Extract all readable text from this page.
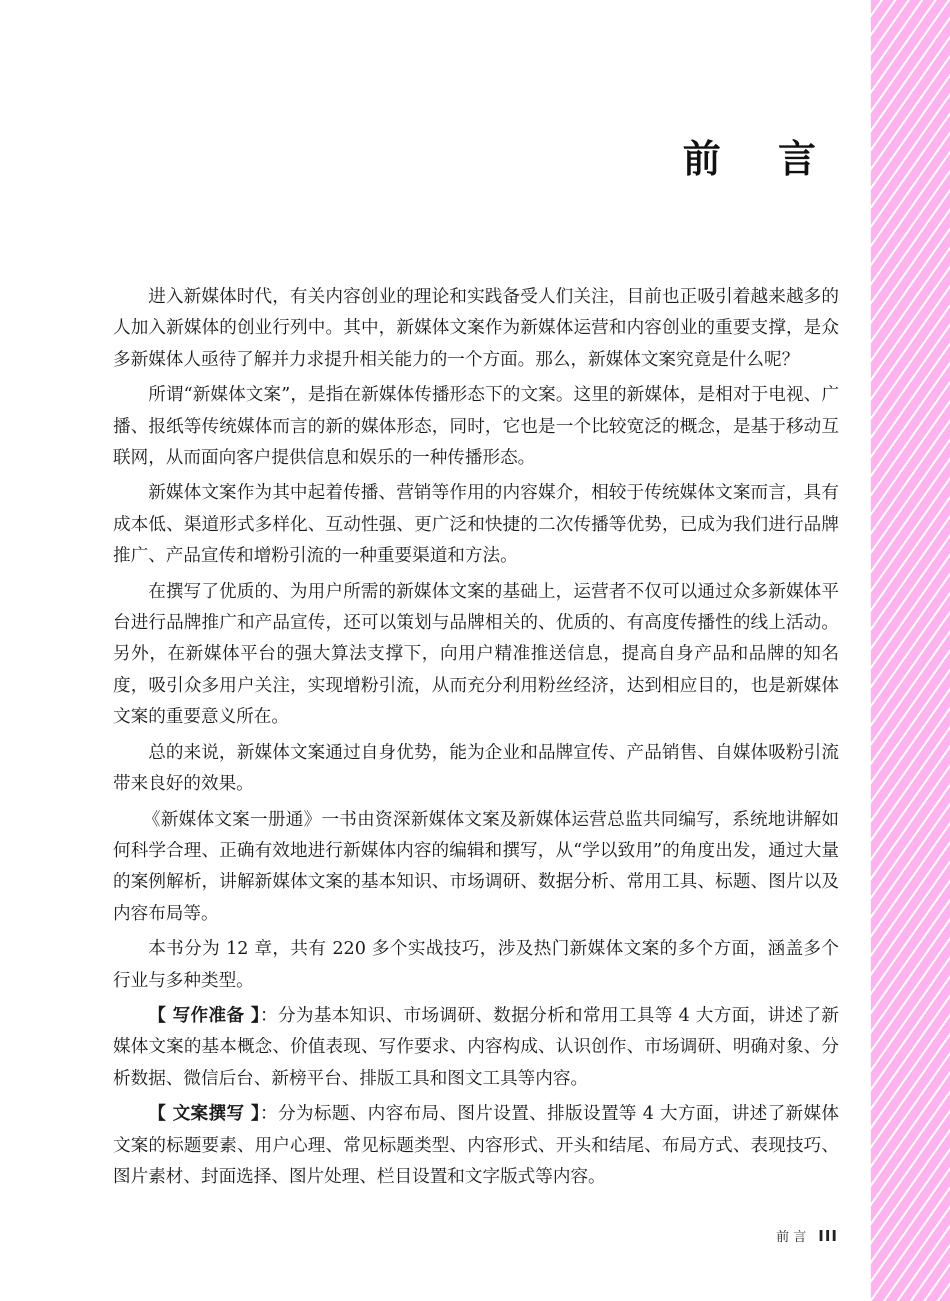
前 言

进入新媒体时代，有关内容创业的理论和实践备受人们关注，目前也正吸引着越来越多的人加入新媒体的创业行列中。其中，新媒体文案作为新媒体运营和内容创业的重要支撑，是众多新媒体人亟待了解并力求提升相关能力的一个方面。那么，新媒体文案究竟是什么呢？

所谓“新媒体文案”，是指在新媒体传播形态下的文案。这里的新媒体，是相对于电视、广播、报纸等传统媒体而言的新的媒体形态，同时，它也是一个比较宽泛的概念，是基于移动互联网，从而面向客户提供信息和娱乐的一种传播形态。

新媒体文案作为其中起着传播、营销等作用的内容媒介，相较于传统媒体文案而言，具有成本低、渠道形式多样化、互动性强、更广泛和快捷的二次传播等优势，已成为我们进行品牌推广、产品宣传和增粉引流的一种重要渠道和方法。

在撰写了优质的、为用户所需的新媒体文案的基础上，运营者不仅可以通过众多新媒体平台进行品牌推广和产品宣传，还可以策划与品牌相关的、优质的、有高度传播性的线上活动。另外，在新媒体平台的强大算法支撑下，向用户精准推送信息，提高自身产品和品牌的知名度，吸引众多用户关注，实现增粉引流，从而充分利用粉丝经济，达到相应目的，也是新媒体文案的重要意义所在。

总的来说，新媒体文案通过自身优势，能为企业和品牌宣传、产品销售、自媒体吸粉引流带来良好的效果。

《新媒体文案一册通》一书由资深新媒体文案及新媒体运营总监共同编写，系统地讲解如何科学合理、正确有效地进行新媒体内容的编辑和撰写，从“学以致用”的角度出发，通过大量的案例解析，讲解新媒体文案的基本知识、市场调研、数据分析、常用工具、标题、图片以及内容布局等。

本书分为 12 章，共有 220 多个实战技巧，涉及热门新媒体文案的多个方面，涵盖多个行业与多种类型。

【 写作准备 】：分为基本知识、市场调研、数据分析和常用工具等 4 大方面，讲述了新媒体文案的基本概念、价值表现、写作要求、内容构成、认识创作、市场调研、明确对象、分析数据、微信后台、新榜平台、排版工具和图文工具等内容。

【 文案撰写 】：分为标题、内容布局、图片设置、排版设置等 4 大方面，讲述了新媒体文案的标题要素、用户心理、常见标题类型、内容形式、开头和结尾、布局方式、表现技巧、图片素材、封面选择、图片处理、栏目设置和文字版式等内容。

前 言 III
